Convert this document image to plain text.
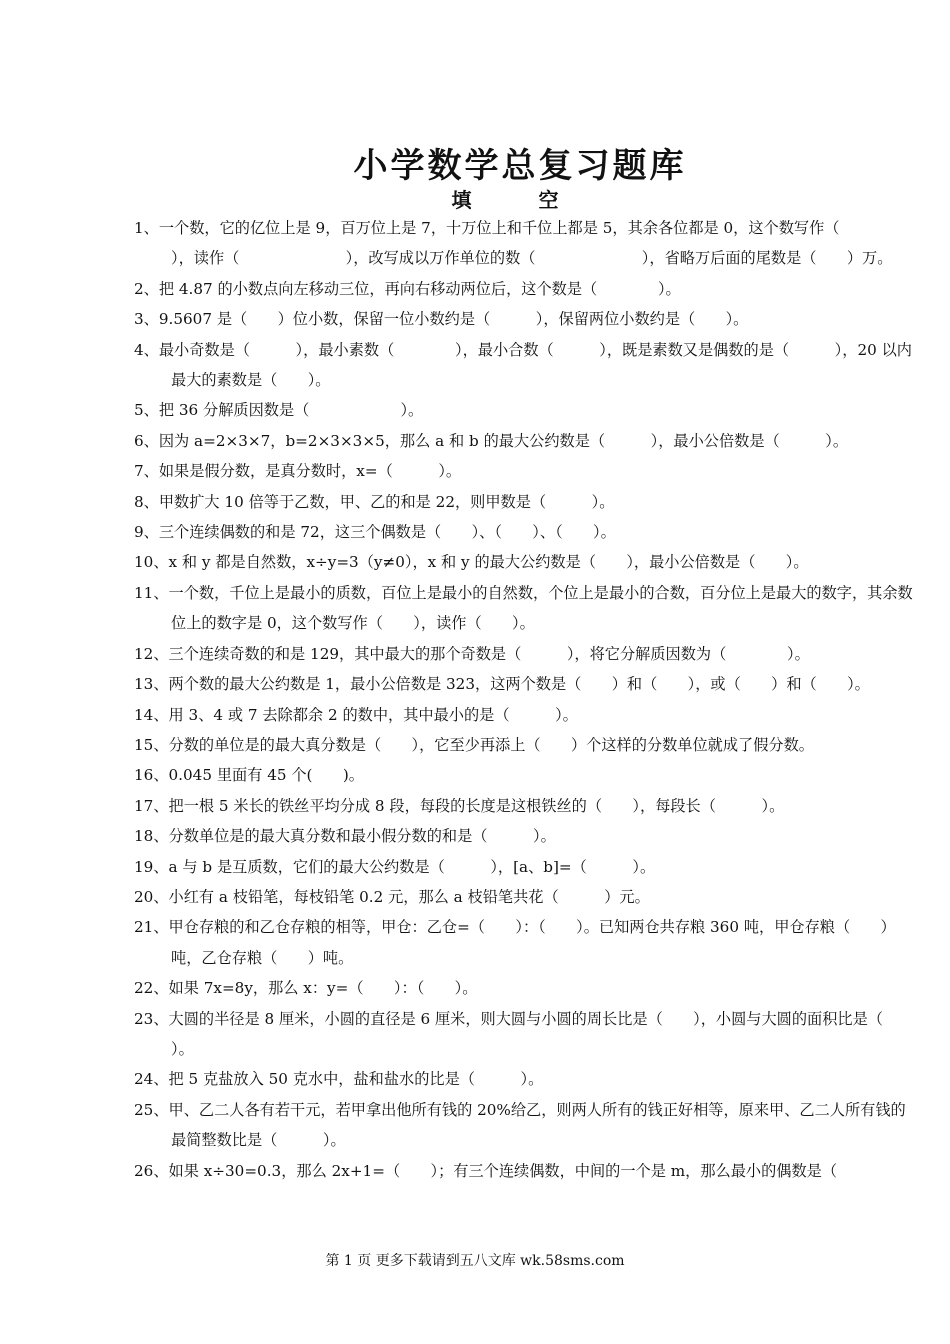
小学数学总复习题库
填 空
1、一个数，它的亿位上是 9，百万位上是 7，十万位上和千位上都是 5，其余各位都是 0，这个数写作（　　　　　　　），读作（　　　　　　　），改写成以万作单位的数（　　　　　　　），省略万后面的尾数是（　　）万。
2、把 4.87 的小数点向左移动三位，再向右移动两位后，这个数是（　　　　）。
3、9.5607 是（　　）位小数，保留一位小数约是（　　　），保留两位小数约是（　　）。
4、最小奇数是（　　　），最小素数（　　　　），最小合数（　　　），既是素数又是偶数的是（　　　），20 以内最大的素数是（　　）。
5、把 36 分解质因数是（　　　　　　）。
6、因为 a=2×3×7，b=2×3×3×5，那么 a 和 b 的最大公约数是（　　　），最小公倍数是（　　　）。
7、如果是假分数，是真分数时，x=（　　　）。
8、甲数扩大 10 倍等于乙数，甲、乙的和是 22，则甲数是（　　　）。
9、三个连续偶数的和是 72，这三个偶数是（　　）、（　　）、（　　）。
10、x 和 y 都是自然数，x÷y=3（y≠0），x 和 y 的最大公约数是（　　），最小公倍数是（　　）。
11、一个数，千位上是最小的质数，百位上是最小的自然数，个位上是最小的合数，百分位上是最大的数字，其余数位上的数字是 0，这个数写作（　　），读作（　　）。
12、三个连续奇数的和是 129，其中最大的那个奇数是（　　　），将它分解质因数为（　　　　）。
13、两个数的最大公约数是 1，最小公倍数是 323，这两个数是（　　）和（　　），或（　　）和（　　）。
14、用 3、4 或 7 去除都余 2 的数中，其中最小的是（　　　）。
15、分数的单位是的最大真分数是（　　），它至少再添上（　　）个这样的分数单位就成了假分数。
16、0.045 里面有 45 个(　　)。
17、把一根 5 米长的铁丝平均分成 8 段，每段的长度是这根铁丝的（　　），每段长（　　　）。
18、分数单位是的最大真分数和最小假分数的和是（　　　）。
19、a 与 b 是互质数，它们的最大公约数是（　　　），[a、b]=（　　　）。
20、小红有 a 枝铅笔，每枝铅笔 0.2 元，那么 a 枝铅笔共花（　　　）元。
21、甲仓存粮的和乙仓存粮的相等，甲仓：乙仓=（　　）：（　　）。已知两仓共存粮 360 吨，甲仓存粮（　　）吨，乙仓存粮（　　）吨。
22、如果 7x=8y，那么 x：y=（　　）：（　　）。
23、大圆的半径是 8 厘米，小圆的直径是 6 厘米，则大圆与小圆的周长比是（　　），小圆与大圆的面积比是（　　）。
24、把 5 克盐放入 50 克水中，盐和盐水的比是（　　　）。
25、甲、乙二人各有若干元，若甲拿出他所有钱的 20%给乙，则两人所有的钱正好相等，原来甲、乙二人所有钱的最简整数比是（　　　）。
26、如果 x÷30=0.3，那么 2x+1=（　　）；有三个连续偶数，中间的一个是 m，那么最小的偶数是（
第 1 页 更多下载请到五八文库 wk.58sms.com
